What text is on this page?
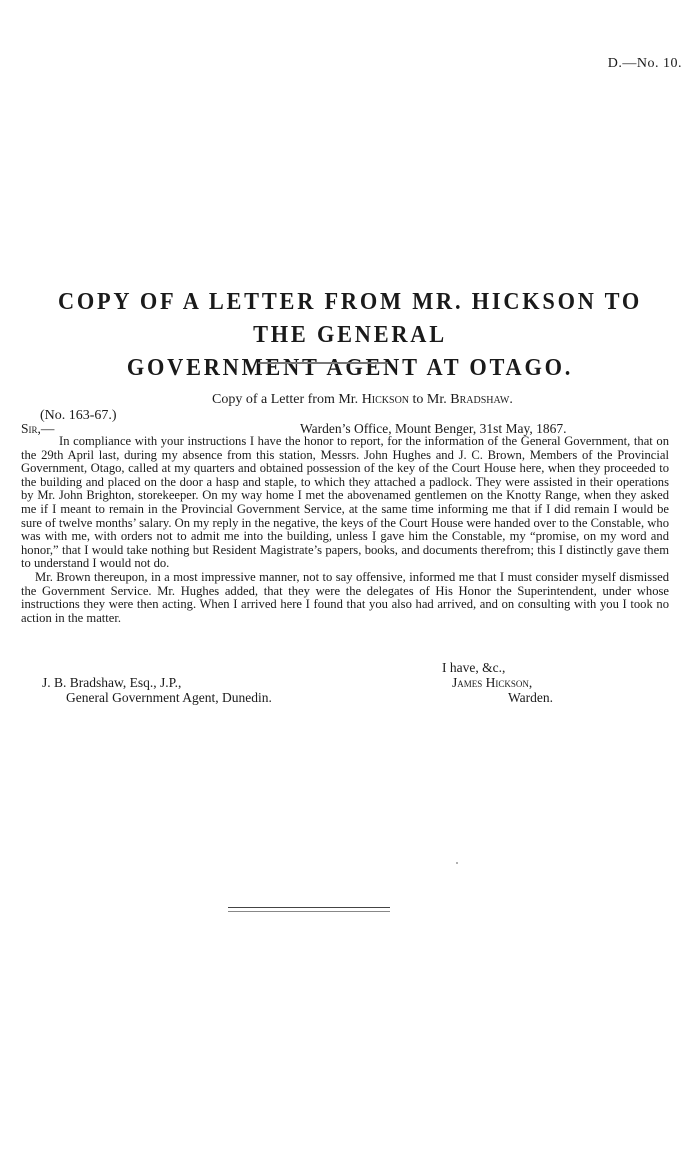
D.—No. 10.
COPY OF A LETTER FROM MR. HICKSON TO THE GENERAL
GOVERNMENT AGENT AT OTAGO.
Copy of a Letter from Mr. Hickson to Mr. Bradshaw.
(No. 163-67.)
Sir,—	Warden’s Office, Mount Benger, 31st May, 1867.

In compliance with your instructions I have the honor to report, for the information of the General Government, that on the 29th April last, during my absence from this station, Messrs. John Hughes and J. C. Brown, Members of the Provincial Government, Otago, called at my quarters and obtained possession of the key of the Court House here, when they proceeded to the building and placed on the door a hasp and staple, to which they attached a padlock. They were assisted in their operations by Mr. John Brighton, storekeeper. On my way home I met the abovenamed gentlemen on the Knotty Range, when they asked me if I meant to remain in the Provincial Government Service, at the same time informing me that if I did remain I would be sure of twelve months’ salary. On my reply in the negative, the keys of the Court House were handed over to the Constable, who was with me, with orders not to admit me into the building, unless I gave him the Constable, my “promise, on my word and honor,” that I would take nothing but Resident Magistrate’s papers, books, and documents therefrom; this I distinctly gave them to understand I would not do.

Mr. Brown thereupon, in a most impressive manner, not to say offensive, informed me that I must consider myself dismissed the Government Service. Mr. Hughes added, that they were the delegates of His Honor the Superintendent, under whose instructions they were then acting. When I arrived here I found that you also had arrived, and on consulting with you I took no action in the matter.

I have, &c.,
James Hickson,
Warden.
J. B. Bradshaw, Esq., J.P.,
General Government Agent, Dunedin.
